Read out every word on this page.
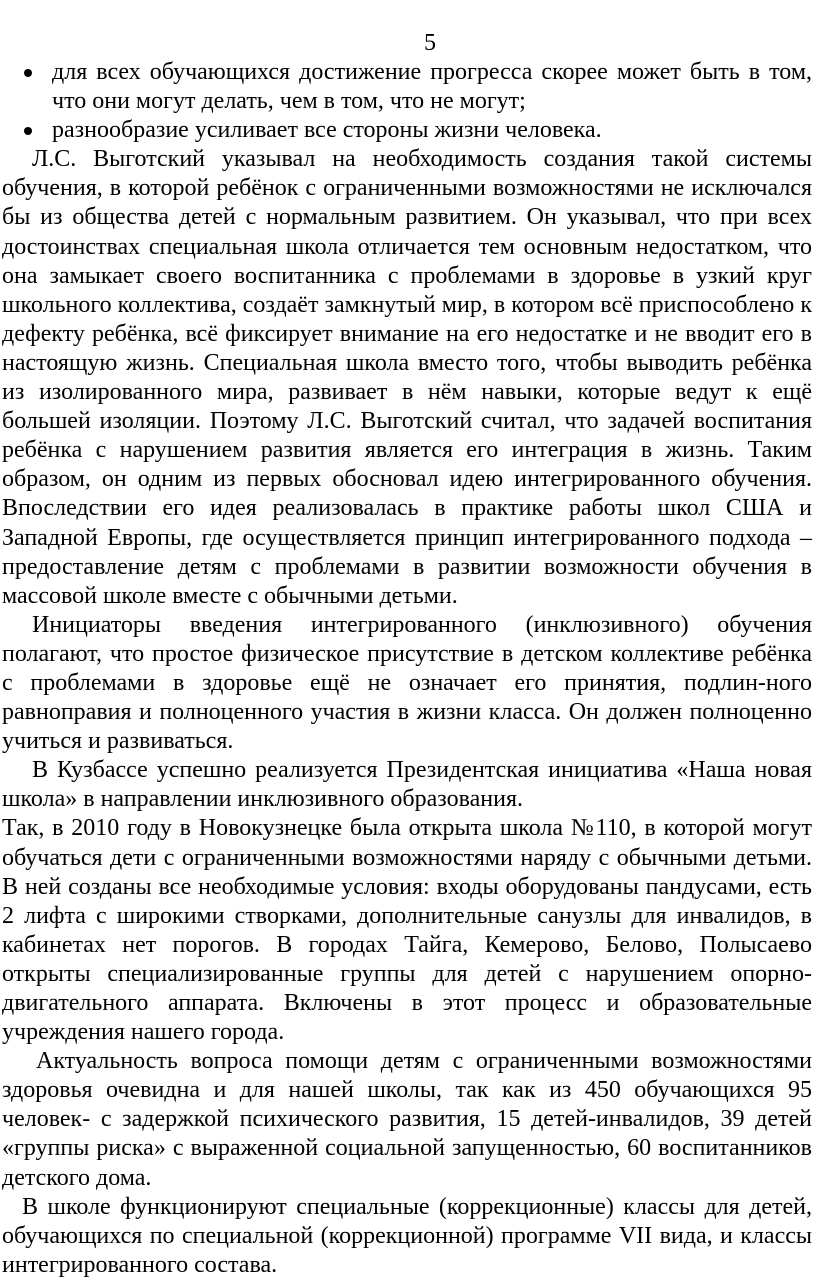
5
для всех обучающихся достижение прогресса скорее может быть в том, что они могут делать, чем в том, что не могут;
разнообразие усиливает все стороны жизни человека.

Л.С. Выготский указывал на необходимость создания такой системы обучения, в которой ребёнок с ограниченными возможностями не исключался бы из общества детей с нормальным развитием. Он указывал, что при всех достоинствах специальная школа отличается тем основным недостатком, что она замыкает своего воспитанника с проблемами в здоровье в узкий круг школьного коллектива, создаёт замкнутый мир, в котором всё приспособлено к дефекту ребёнка, всё фиксирует внимание на его недостатке и не вводит его в настоящую жизнь. Специальная школа вместо того, чтобы выводить ребёнка из изолированного мира, развивает в нём навыки, которые ведут к ещё большей изоляции. Поэтому Л.С. Выготский считал, что задачей воспитания ребёнка с нарушением развития является его интеграция в жизнь. Таким образом, он одним из первых обосновал идею интегрированного обучения. Впоследствии его идея реализовалась в практике работы школ США и Западной Европы, где осуществляется принцип интегрированного подхода – предоставление детям с проблемами в развитии возможности обучения в массовой школе вместе с обычными детьми.

Инициаторы введения интегрированного (инклюзивного) обучения полагают, что простое физическое присутствие в детском коллективе ребёнка с проблемами в здоровье ещё не означает его принятия, подлин-ного равноправия и полноценного участия в жизни класса. Он должен полноценно учиться и развиваться.

В Кузбассе успешно реализуется Президентская инициатива «Наша новая школа» в направлении инклюзивного образования.

Так, в 2010 году в Новокузнецке была открыта школа №110, в которой могут обучаться дети с ограниченными возможностями наряду с обычными детьми. В ней созданы все необходимые условия: входы оборудованы пандусами, есть 2 лифта с широкими створками, дополнительные санузлы для инвалидов, в кабинетах нет порогов. В городах Тайга, Кемерово, Белово, Полысаево открыты специализированные группы для детей с нарушением опорно-двигательного аппарата. Включены в этот процесс и образовательные учреждения нашего города.

Актуальность вопроса помощи детям с ограниченными возможностями здоровья очевидна и для нашей школы, так как из 450 обучающихся 95 человек- с задержкой психического развития, 15 детей-инвалидов, 39 детей «группы риска» с выраженной социальной запущенностью, 60 воспитанников детского дома.

В школе функционируют специальные (коррекционные) классы для детей, обучающихся по специальной (коррекционной) программе VII вида, и классы интегрированного состава.
